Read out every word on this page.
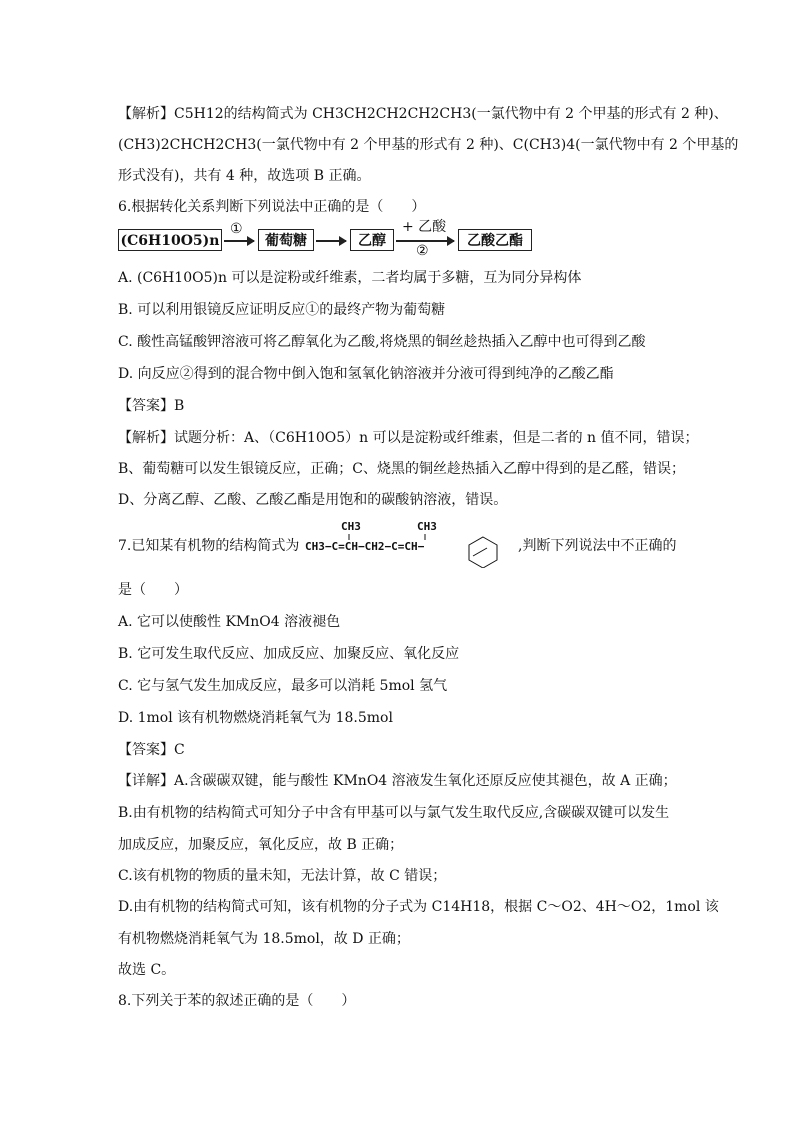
【解析】C5H12的结构简式为 CH3CH2CH2CH2CH3(一氯代物中有 2 个甲基的形式有 2 种)、
(CH3)2CHCH2CH3(一氯代物中有 2 个甲基的形式有 2 种)、C(CH3)4(一氯代物中有 2 个甲基的
形式没有)，共有 4 种，故选项 B 正确。
6.根据转化关系判断下列说法中正确的是（　　）
(C6H10O5)n
①
葡萄糖	乙醇
+ 乙酸
②
乙酸乙酯
A. (C6H10O5)n 可以是淀粉或纤维素，二者均属于多糖，互为同分异构体
B. 可以利用银镜反应证明反应①的最终产物为葡萄糖
C. 酸性高锰酸钾溶液可将乙醇氧化为乙酸,将烧黑的铜丝趁热插入乙醇中也可得到乙酸
D. 向反应②得到的混合物中倒入饱和氢氧化钠溶液并分液可得到纯净的乙酸乙酯
【答案】B
【解析】试题分析：A、（C6H10O5）n 可以是淀粉或纤维素，但是二者的 n 值不同，错误；
B、葡萄糖可以发生银镜反应，正确；C、烧黑的铜丝趁热插入乙醇中得到的是乙醛，错误；
D、分离乙醇、乙酸、乙酸乙酯是用饱和的碳酸钠溶液，错误。
7.已知某有机物的结构简式为
CH3	CH3
CH3−C=CH−CH2−C=CH−	,判断下列说法中不正确的
是（　　）
A. 它可以使酸性 KMnO4 溶液褪色
B. 它可发生取代反应、加成反应、加聚反应、氧化反应
C. 它与氢气发生加成反应，最多可以消耗 5mol 氢气
D. 1mol 该有机物燃烧消耗氧气为 18.5mol
【答案】C
【详解】A.含碳碳双键，能与酸性 KMnO4 溶液发生氧化还原反应使其褪色，故 A 正确；
B.由有机物的结构简式可知分子中含有甲基可以与氯气发生取代反应,含碳碳双键可以发生
加成反应，加聚反应，氧化反应，故 B 正确；
C.该有机物的物质的量未知，无法计算，故 C 错误；
D.由有机物的结构简式可知，该有机物的分子式为 C14H18，根据 C～O2、4H～O2，1mol 该
有机物燃烧消耗氧气为 18.5mol，故 D 正确；
故选 C。
8.下列关于苯的叙述正确的是（　　）
